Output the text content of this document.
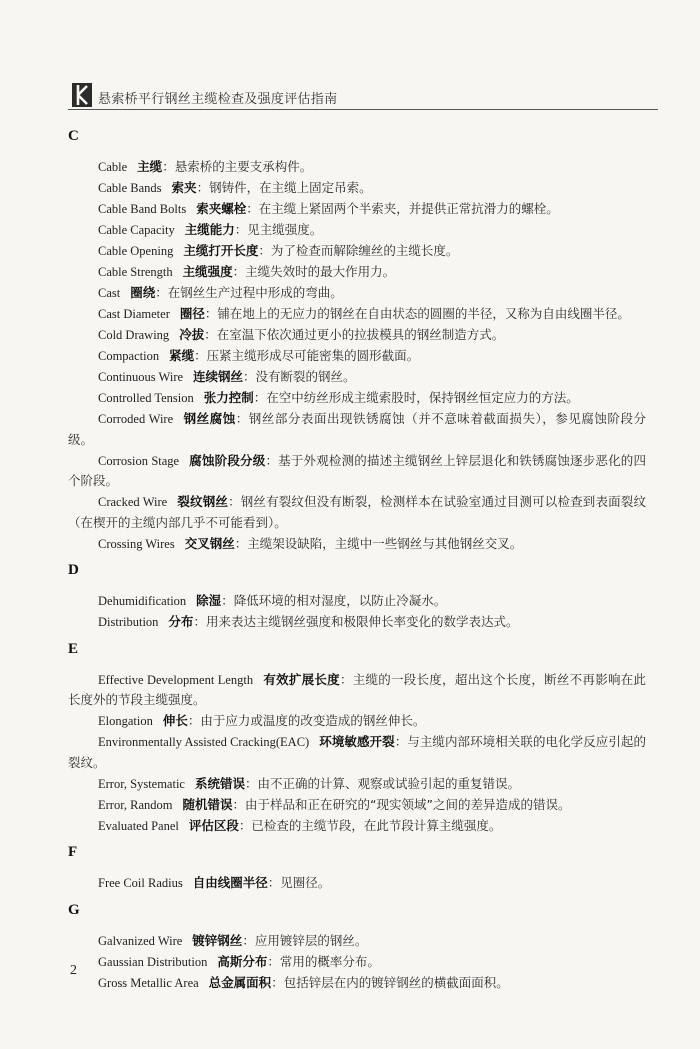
悬索桥平行钢丝主缆检查及强度评估指南
C

Cable 主缆：悬索桥的主要支承构件。

Cable Bands 索夹：钢铸件，在主缆上固定吊索。

Cable Band Bolts 索夹螺栓：在主缆上紧固两个半索夹，并提供正常抗滑力的螺栓。

Cable Capacity 主缆能力：见主缆强度。

Cable Opening 主缆打开长度：为了检查而解除缠丝的主缆长度。

Cable Strength 主缆强度：主缆失效时的最大作用力。

Cast 圈绕：在钢丝生产过程中形成的弯曲。

Cast Diameter 圈径：铺在地上的无应力的钢丝在自由状态的圆圈的半径，又称为自由线圈半径。

Cold Drawing 冷拔：在室温下依次通过更小的拉拔模具的钢丝制造方式。

Compaction 紧缆：压紧主缆形成尽可能密集的圆形截面。

Continuous Wire 连续钢丝：没有断裂的钢丝。

Controlled Tension 张力控制：在空中纺丝形成主缆索股时，保持钢丝恒定应力的方法。

Corroded Wire 钢丝腐蚀：钢丝部分表面出现铁锈腐蚀（并不意味着截面损失），参见腐蚀阶段分级。

Corrosion Stage 腐蚀阶段分级：基于外观检测的描述主缆钢丝上锌层退化和铁锈腐蚀逐步恶化的四个阶段。

Cracked Wire 裂纹钢丝：钢丝有裂纹但没有断裂，检测样本在试验室通过目测可以检查到表面裂纹（在楔开的主缆内部几乎不可能看到）。

Crossing Wires 交叉钢丝：主缆架设缺陷，主缆中一些钢丝与其他钢丝交叉。

D

Dehumidification 除湿：降低环境的相对湿度，以防止冷凝水。

Distribution 分布：用来表达主缆钢丝强度和极限伸长率变化的数学表达式。

E

Effective Development Length 有效扩展长度：主缆的一段长度，超出这个长度，断丝不再影响在此长度外的节段主缆强度。

Elongation 伸长：由于应力或温度的改变造成的钢丝伸长。

Environmentally Assisted Cracking(EAC) 环境敏感开裂：与主缆内部环境相关联的电化学反应引起的裂纹。

Error, Systematic 系统错误：由不正确的计算、观察或试验引起的重复错误。

Error, Random 随机错误：由于样品和正在研究的“现实领域”之间的差异造成的错误。

Evaluated Panel 评估区段：已检查的主缆节段，在此节段计算主缆强度。

F

Free Coil Radius 自由线圈半径：见圈径。

G

Galvanized Wire 镀锌钢丝：应用镀锌层的钢丝。

Gaussian Distribution 高斯分布：常用的概率分布。

Gross Metallic Area 总金属面积：包括锌层在内的镀锌钢丝的横截面面积。

2
